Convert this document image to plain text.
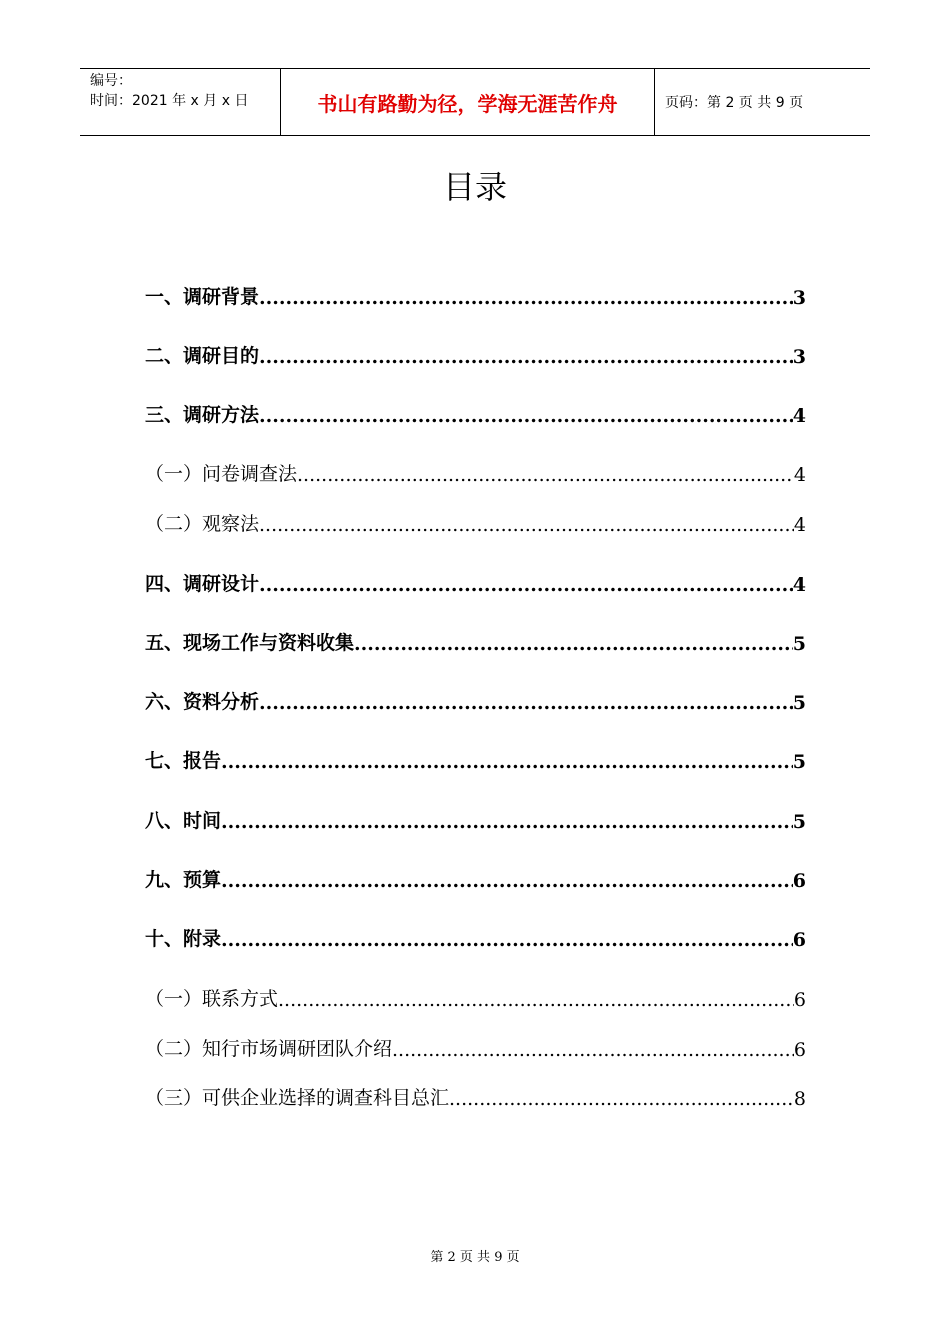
编号：
时间：2021 年 x 月 x 日	书山有路勤为径，学海无涯苦作舟	页码：第 2 页 共 9 页
目录
一、调研背景 .....	3
二、调研目的 .....	3
三、调研方法 .....	4
（一）问卷调查法 .....	4
（二）观察法 .....	4
四、调研设计 .....	4
五、现场工作与资料收集 .....	5
六、资料分析 .....	5
七、报告 .....	5
八、时间 .....	5
九、预算 .....	6
十、附录 .....	6
（一）联系方式 .....	6
（二）知行市场调研团队介绍 .....	6
（三）可供企业选择的调查科目总汇 .....	8
第 2 页 共 9 页
